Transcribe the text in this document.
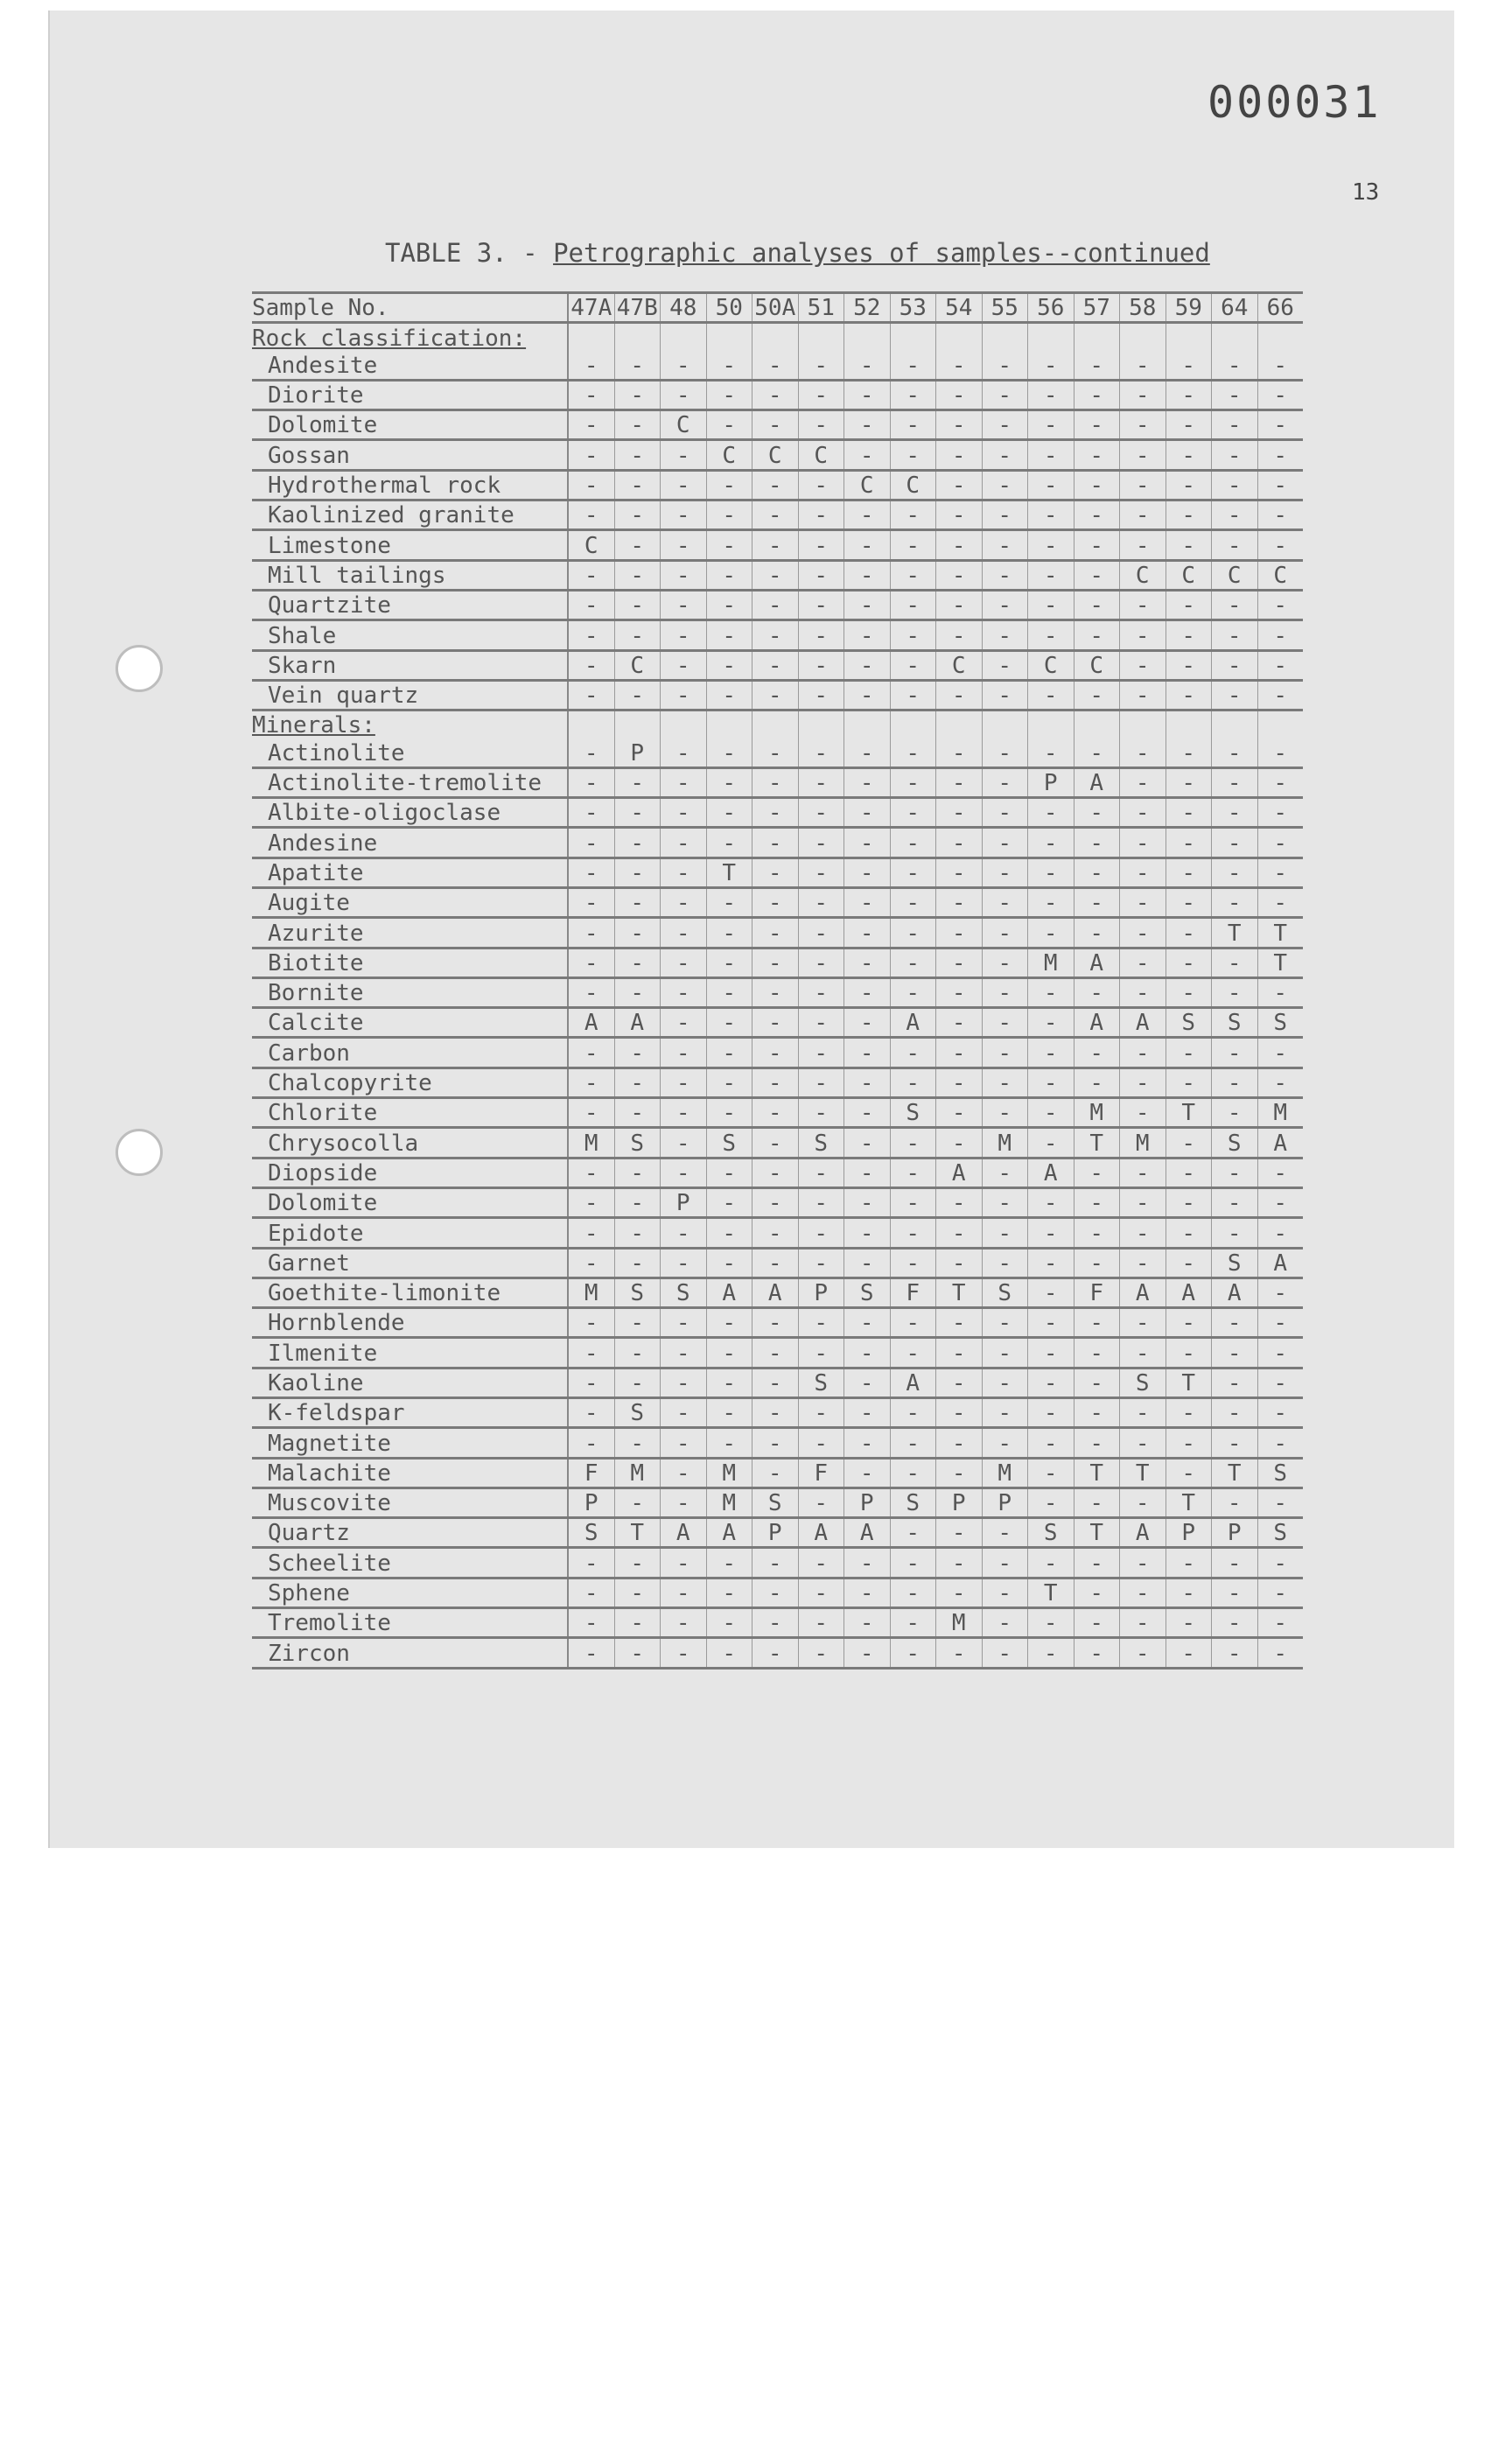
000031
13
TABLE 3. - Petrographic analyses of samples--continued
Sample No.	47A	47B	48	50	50A	51	52	53	54	55	56	57	58	59	64	66
Rock classification:																
Andesite	-	-	-	-	-	-	-	-	-	-	-	-	-	-	-	-
Diorite	-	-	-	-	-	-	-	-	-	-	-	-	-	-	-	-
Dolomite	-	-	C	-	-	-	-	-	-	-	-	-	-	-	-	-
Gossan	-	-	-	C	C	C	-	-	-	-	-	-	-	-	-	-
Hydrothermal rock	-	-	-	-	-	-	C	C	-	-	-	-	-	-	-	-
Kaolinized granite	-	-	-	-	-	-	-	-	-	-	-	-	-	-	-	-
Limestone	C	-	-	-	-	-	-	-	-	-	-	-	-	-	-	-
Mill tailings	-	-	-	-	-	-	-	-	-	-	-	-	C	C	C	C
Quartzite	-	-	-	-	-	-	-	-	-	-	-	-	-	-	-	-
Shale	-	-	-	-	-	-	-	-	-	-	-	-	-	-	-	-
Skarn	-	C	-	-	-	-	-	-	C	-	C	C	-	-	-	-
Vein quartz	-	-	-	-	-	-	-	-	-	-	-	-	-	-	-	-
Minerals:																
Actinolite	-	P	-	-	-	-	-	-	-	-	-	-	-	-	-	-
Actinolite-tremolite	-	-	-	-	-	-	-	-	-	-	P	A	-	-	-	-
Albite-oligoclase	-	-	-	-	-	-	-	-	-	-	-	-	-	-	-	-
Andesine	-	-	-	-	-	-	-	-	-	-	-	-	-	-	-	-
Apatite	-	-	-	T	-	-	-	-	-	-	-	-	-	-	-	-
Augite	-	-	-	-	-	-	-	-	-	-	-	-	-	-	-	-
Azurite	-	-	-	-	-	-	-	-	-	-	-	-	-	-	T	T
Biotite	-	-	-	-	-	-	-	-	-	-	M	A	-	-	-	T
Bornite	-	-	-	-	-	-	-	-	-	-	-	-	-	-	-	-
Calcite	A	A	-	-	-	-	-	A	-	-	-	A	A	S	S	S
Carbon	-	-	-	-	-	-	-	-	-	-	-	-	-	-	-	-
Chalcopyrite	-	-	-	-	-	-	-	-	-	-	-	-	-	-	-	-
Chlorite	-	-	-	-	-	-	-	S	-	-	-	M	-	T	-	M
Chrysocolla	M	S	-	S	-	S	-	-	-	M	-	T	M	-	S	A
Diopside	-	-	-	-	-	-	-	-	A	-	A	-	-	-	-	-
Dolomite	-	-	P	-	-	-	-	-	-	-	-	-	-	-	-	-
Epidote	-	-	-	-	-	-	-	-	-	-	-	-	-	-	-	-
Garnet	-	-	-	-	-	-	-	-	-	-	-	-	-	-	S	A
Goethite-limonite	M	S	S	A	A	P	S	F	T	S	-	F	A	A	A	-
Hornblende	-	-	-	-	-	-	-	-	-	-	-	-	-	-	-	-
Ilmenite	-	-	-	-	-	-	-	-	-	-	-	-	-	-	-	-
Kaoline	-	-	-	-	-	S	-	A	-	-	-	-	S	T	-	-
K-feldspar	-	S	-	-	-	-	-	-	-	-	-	-	-	-	-	-
Magnetite	-	-	-	-	-	-	-	-	-	-	-	-	-	-	-	-
Malachite	F	M	-	M	-	F	-	-	-	M	-	T	T	-	T	S
Muscovite	P	-	-	M	S	-	P	S	P	P	-	-	-	T	-	-
Quartz	S	T	A	A	P	A	A	-	-	-	S	T	A	P	P	S
Scheelite	-	-	-	-	-	-	-	-	-	-	-	-	-	-	-	-
Sphene	-	-	-	-	-	-	-	-	-	-	T	-	-	-	-	-
Tremolite	-	-	-	-	-	-	-	-	M	-	-	-	-	-	-	-
Zircon	-	-	-	-	-	-	-	-	-	-	-	-	-	-	-	-
